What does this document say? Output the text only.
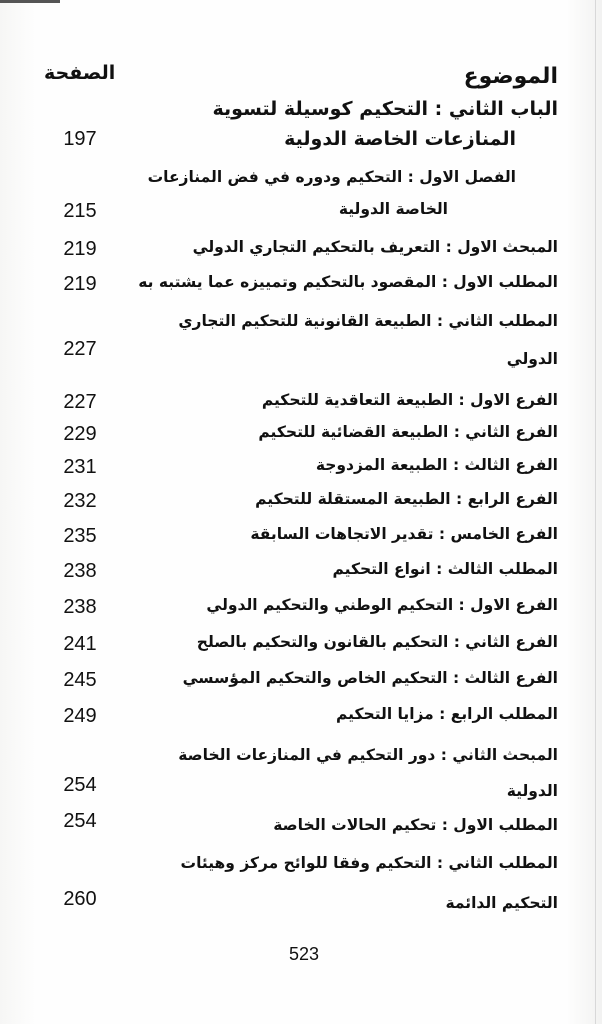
الموضوع
الصفحة
الباب الثاني : التحكيم كوسيلة لتسوية
المنازعات الخاصة الدولية
197
الفصل الاول : التحكيم ودوره في فض المنازعات
الخاصة الدولية
215
المبحث الاول : التعريف بالتحكيم التجاري الدولي
219
المطلب الاول : المقصود بالتحكيم وتمييزه عما يشتبه به
219
المطلب الثاني : الطبيعة القانونية للتحكيم التجاري
الدولي
227
الفرع الاول : الطبيعة التعاقدية للتحكيم
227
الفرع الثاني : الطبيعة القضائية للتحكيم
229
الفرع الثالث : الطبيعة المزدوجة
231
الفرع الرابع : الطبيعة المستقلة للتحكيم
232
الفرع الخامس : تقدير الاتجاهات السابقة
235
المطلب الثالث : انواع التحكيم
238
الفرع الاول : التحكيم الوطني والتحكيم الدولي
238
الفرع الثاني : التحكيم بالقانون والتحكيم بالصلح
241
الفرع الثالث : التحكيم الخاص والتحكيم المؤسسي
245
المطلب الرابع : مزايا التحكيم
249
المبحث الثاني : دور التحكيم في المنازعات الخاصة
الدولية
254
المطلب الاول : تحكيم الحالات الخاصة
254
المطلب الثاني : التحكيم وفقا للوائح مركز وهيئات
التحكيم الدائمة
260
523
